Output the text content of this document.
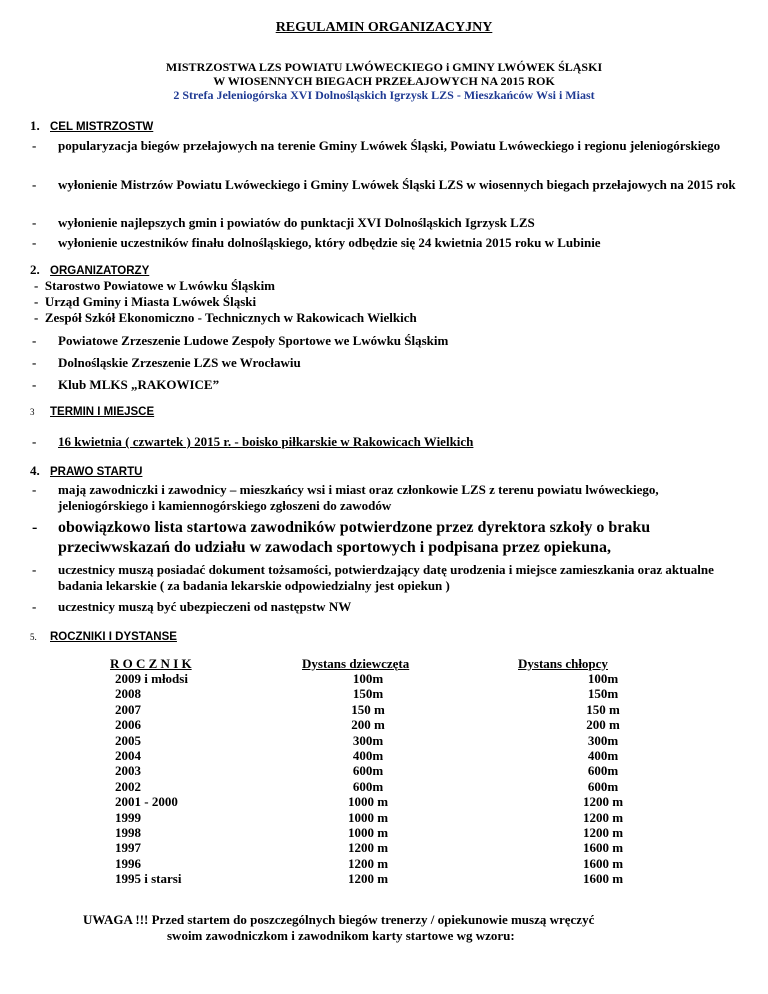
REGULAMIN ORGANIZACYJNY
MISTRZOSTWA LZS POWIATU LWÓWECKIEGO i GMINY LWÓWEK ŚLĄSKI
W WIOSENNYCH BIEGACH PRZEŁAJOWYCH NA 2015 ROK
2 Strefa Jeleniogórska XVI Dolnośląskich Igrzysk LZS - Mieszkańców Wsi i Miast
1. CEL MISTRZOSTW
- popularyzacja biegów przełajowych na terenie Gminy Lwówek Śląski, Powiatu Lwóweckiego i regionu jeleniogórskiego
- wyłonienie Mistrzów Powiatu Lwóweckiego i Gminy Lwówek Śląski LZS w wiosennych biegach przełajowych na 2015 rok
- wyłonienie najlepszych gmin i powiatów do punktacji XVI Dolnośląskich Igrzysk LZS
- wyłonienie uczestników finału dolnośląskiego, który odbędzie się 24 kwietnia 2015 roku w Lubinie
2. ORGANIZATORZY
- Starostwo Powiatowe w Lwówku Śląskim
- Urząd Gminy i Miasta Lwówek Śląski
- Zespół Szkół Ekonomiczno - Technicznych w Rakowicach Wielkich
- Powiatowe Zrzeszenie Ludowe Zespoły Sportowe we Lwówku Śląskim
- Dolnośląskie Zrzeszenie LZS we Wrocławiu
- Klub MLKS „RAKOWICE”
3 TERMIN I MIEJSCE
- 16 kwietnia ( czwartek ) 2015 r. - boisko piłkarskie w Rakowicach Wielkich
4. PRAWO STARTU
- mają zawodniczki i zawodnicy – mieszkańcy wsi i miast oraz członkowie LZS z terenu powiatu lwóweckiego, jeleniogórskiego i kamiennogórskiego zgłoszeni do zawodów
- obowiązkowo lista startowa zawodników potwierdzone przez dyrektora szkoły o braku przeciwwskazań do udziału w zawodach sportowych i podpisana przez opiekuna,
- uczestnicy muszą posiadać dokument tożsamości, potwierdzający datę urodzenia i miejsce zamieszkania oraz aktualne badania lekarskie ( za badania lekarskie odpowiedzialny jest opiekun )
- uczestnicy muszą być ubezpieczeni od następstw NW
5. ROCZNIKI I DYSTANSE
R O C Z N I K	Dystans dziewczęta	Dystans chłopcy
2009 i młodsi
2008
2007
2006
2005
2004
2003
2002
2001 - 2000
1999
1998
1997
1996
1995 i starsi
100m
150m
150 m
200 m
300m
400m
600m
600m
1000 m
1000 m
1000 m
1200 m
1200 m
1200 m
100m
150m
150 m
200 m
300m
400m
600m
600m
1200 m
1200 m
1200 m
1600 m
1600 m
1600 m
UWAGA !!! Przed startem do poszczególnych biegów trenerzy / opiekunowie muszą wręczyć
swoim zawodniczkom i zawodnikom karty startowe wg wzoru:
